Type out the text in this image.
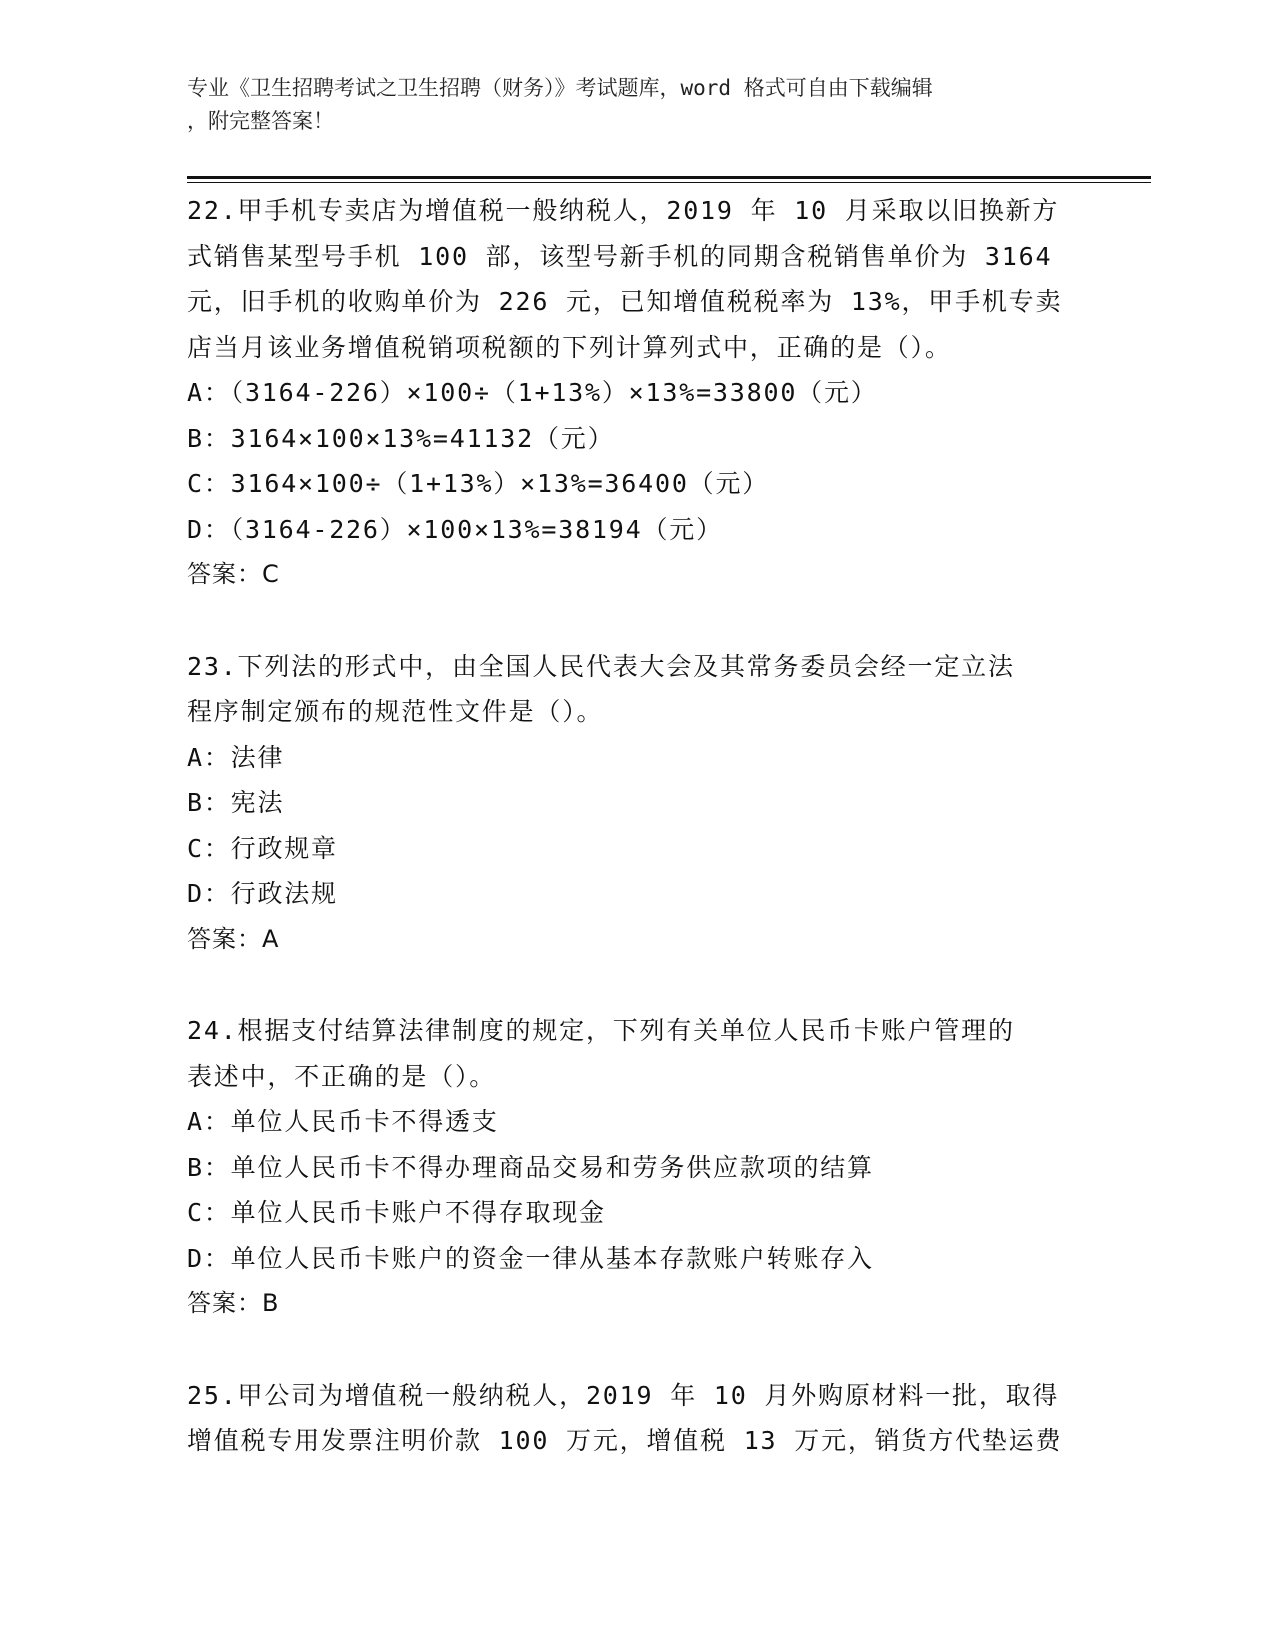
专业《卫生招聘考试之卫生招聘（财务）》考试题库，word 格式可自由下载编辑
，附完整答案！
22.甲手机专卖店为增值税一般纳税人，2019 年 10 月采取以旧换新方
式销售某型号手机 100 部，该型号新手机的同期含税销售单价为 3164
元，旧手机的收购单价为 226 元，已知增值税税率为 13%，甲手机专卖
店当月该业务增值税销项税额的下列计算列式中，正确的是（）。
A：（3164-226）×100÷（1+13%）×13%=33800（元）
B：3164×100×13%=41132（元）
C：3164×100÷（1+13%）×13%=36400（元）
D：（3164-226）×100×13%=38194（元）
答案：C
23.下列法的形式中，由全国人民代表大会及其常务委员会经一定立法
程序制定颁布的规范性文件是（）。
A：法律
B：宪法
C：行政规章
D：行政法规
答案：A
24.根据支付结算法律制度的规定，下列有关单位人民币卡账户管理的
表述中，不正确的是（）。
A：单位人民币卡不得透支
B：单位人民币卡不得办理商品交易和劳务供应款项的结算
C：单位人民币卡账户不得存取现金
D：单位人民币卡账户的资金一律从基本存款账户转账存入
答案：B
25.甲公司为增值税一般纳税人，2019 年 10 月外购原材料一批，取得
增值税专用发票注明价款 100 万元，增值税 13 万元，销货方代垫运费
